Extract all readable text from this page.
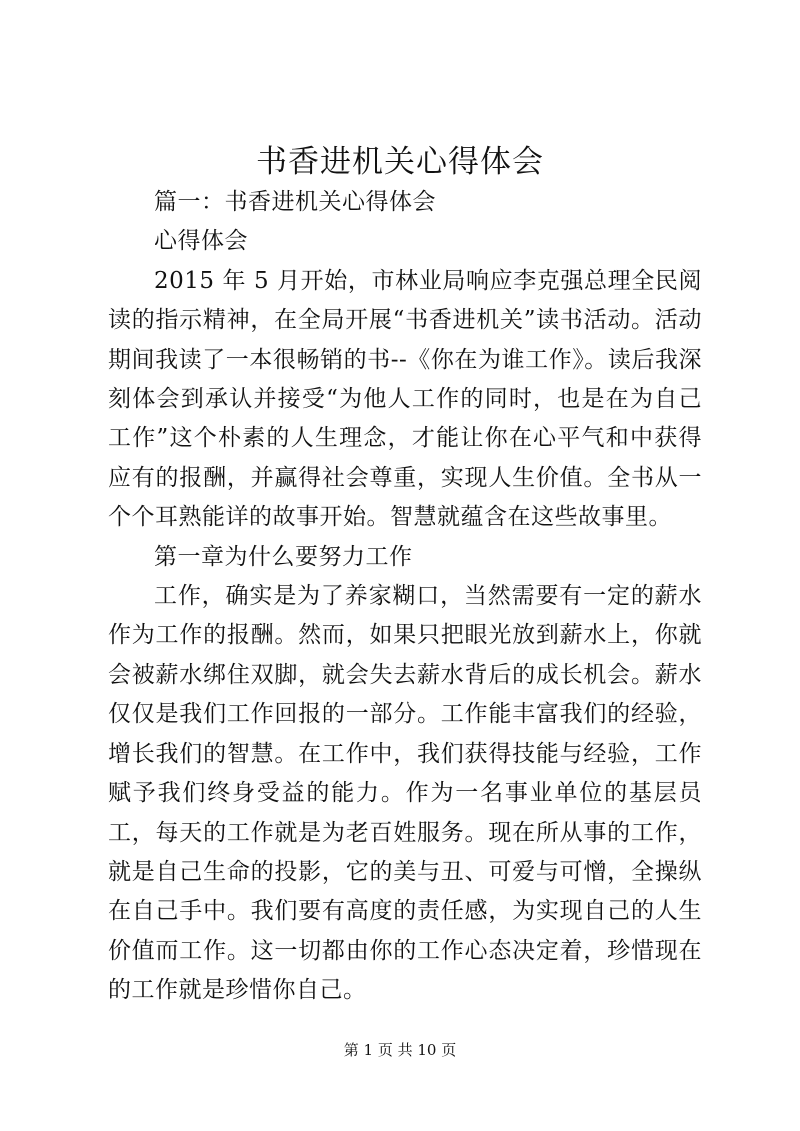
书香进机关心得体会

篇一：书香进机关心得体会

心得体会

2015 年 5 月开始，市林业局响应李克强总理全民阅读的指示精神，在全局开展“书香进机关”读书活动。活动期间我读了一本很畅销的书--《你在为谁工作》。读后我深刻体会到承认并接受“为他人工作的同时，也是在为自己工作”这个朴素的人生理念，才能让你在心平气和中获得应有的报酬，并赢得社会尊重，实现人生价值。全书从一个个耳熟能详的故事开始。智慧就蕴含在这些故事里。

第一章为什么要努力工作

工作，确实是为了养家糊口，当然需要有一定的薪水作为工作的报酬。然而，如果只把眼光放到薪水上，你就会被薪水绑住双脚，就会失去薪水背后的成长机会。薪水仅仅是我们工作回报的一部分。工作能丰富我们的经验，增长我们的智慧。在工作中，我们获得技能与经验，工作赋予我们终身受益的能力。作为一名事业单位的基层员工，每天的工作就是为老百姓服务。现在所从事的工作，就是自己生命的投影，它的美与丑、可爱与可憎，全操纵在自己手中。我们要有高度的责任感，为实现自己的人生价值而工作。这一切都由你的工作心态决定着，珍惜现在的工作就是珍惜你自己。

第 1 页 共 10 页
